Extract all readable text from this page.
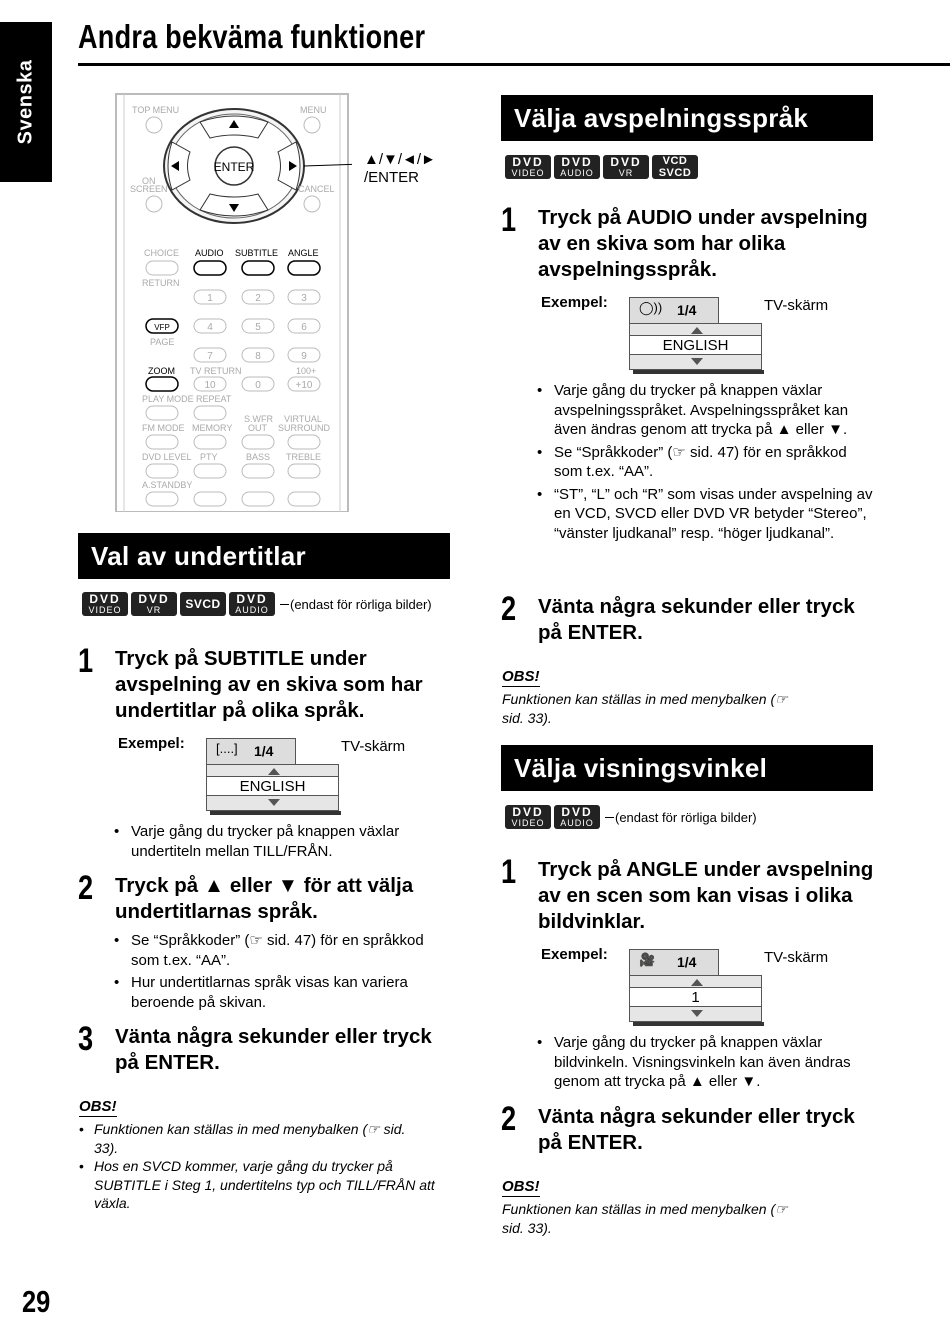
Svenska
Andra bekväma funktioner
TOP MENU	MENU
ENTER
ON
SCREEN	CANCEL
CHOICE AUDIO SUBTITLE ANGLE
RETURN
1	2	3
4	5	6
7	8	9
10	0	+10
VFP
PAGE
ZOOM TV RETURN	100+
PLAY MODE REPEAT
S.WFR
OUT
VIRTUAL
SURROUND
FM MODE MEMORY
DVD LEVEL PTY	BASS TREBLE
A.STANDBY
▲/▼/◄/►
/ENTER
Val av undertitlar
DVD
VIDEO
DVD
VR SVCD DVD
AUDIO	(endast för rörliga bilder)
1 Tryck på SUBTITLE under avspelning av en skiva som har undertitlar på olika språk.
Exempel:	TV-skärm
[....] 1/4
ENGLISH
• Varje gång du trycker på knappen växlar undertiteln mellan TILL/FRÅN.
2 Tryck på ▲ eller ▼ för att välja undertitlarnas språk.
• Se “Språkkoder” (☞ sid. 47) för en språkkod som t.ex. “AA”.
• Hur undertitlarnas språk visas kan variera beroende på skivan.
3 Vänta några sekunder eller tryck på ENTER.
OBS!
• Funktionen kan ställas in med menybalken (☞ sid. 33).
• Hos en SVCD kommer, varje gång du trycker på SUBTITLE i Steg 1, undertitelns typ och TILL/FRÅN att växla.
Välja avspelningsspråk
DVD
VIDEO
DVD
AUDIO
DVD
VR
VCD
SVCD
1 Tryck på AUDIO under avspelning av en skiva som har olika avspelningsspråk.
Exempel:	TV-skärm
◯)) 1/4
ENGLISH
• Varje gång du trycker på knappen växlar avspelningsspråket. Avspelningsspråket kan även ändras genom att trycka på ▲ eller ▼.
• Se “Språkkoder” (☞ sid. 47) för en språkkod som t.ex. “AA”.
• “ST”, “L” och “R” som visas under avspelning av en VCD, SVCD eller DVD VR betyder “Stereo”, “vänster ljudkanal” resp. “höger ljudkanal”.
2 Vänta några sekunder eller tryck på ENTER.
OBS!
Funktionen kan ställas in med menybalken (☞ sid. 33).
Välja visningsvinkel
DVD
VIDEO
DVD
AUDIO	(endast för rörliga bilder)
1 Tryck på ANGLE under avspelning av en scen som kan visas i olika bildvinklar.
Exempel:	TV-skärm
🎥 1/4
1
• Varje gång du trycker på knappen växlar bildvinkeln. Visningsvinkeln kan även ändras genom att trycka på ▲ eller ▼.
2 Vänta några sekunder eller tryck på ENTER.
OBS!
Funktionen kan ställas in med menybalken (☞ sid. 33).
29
